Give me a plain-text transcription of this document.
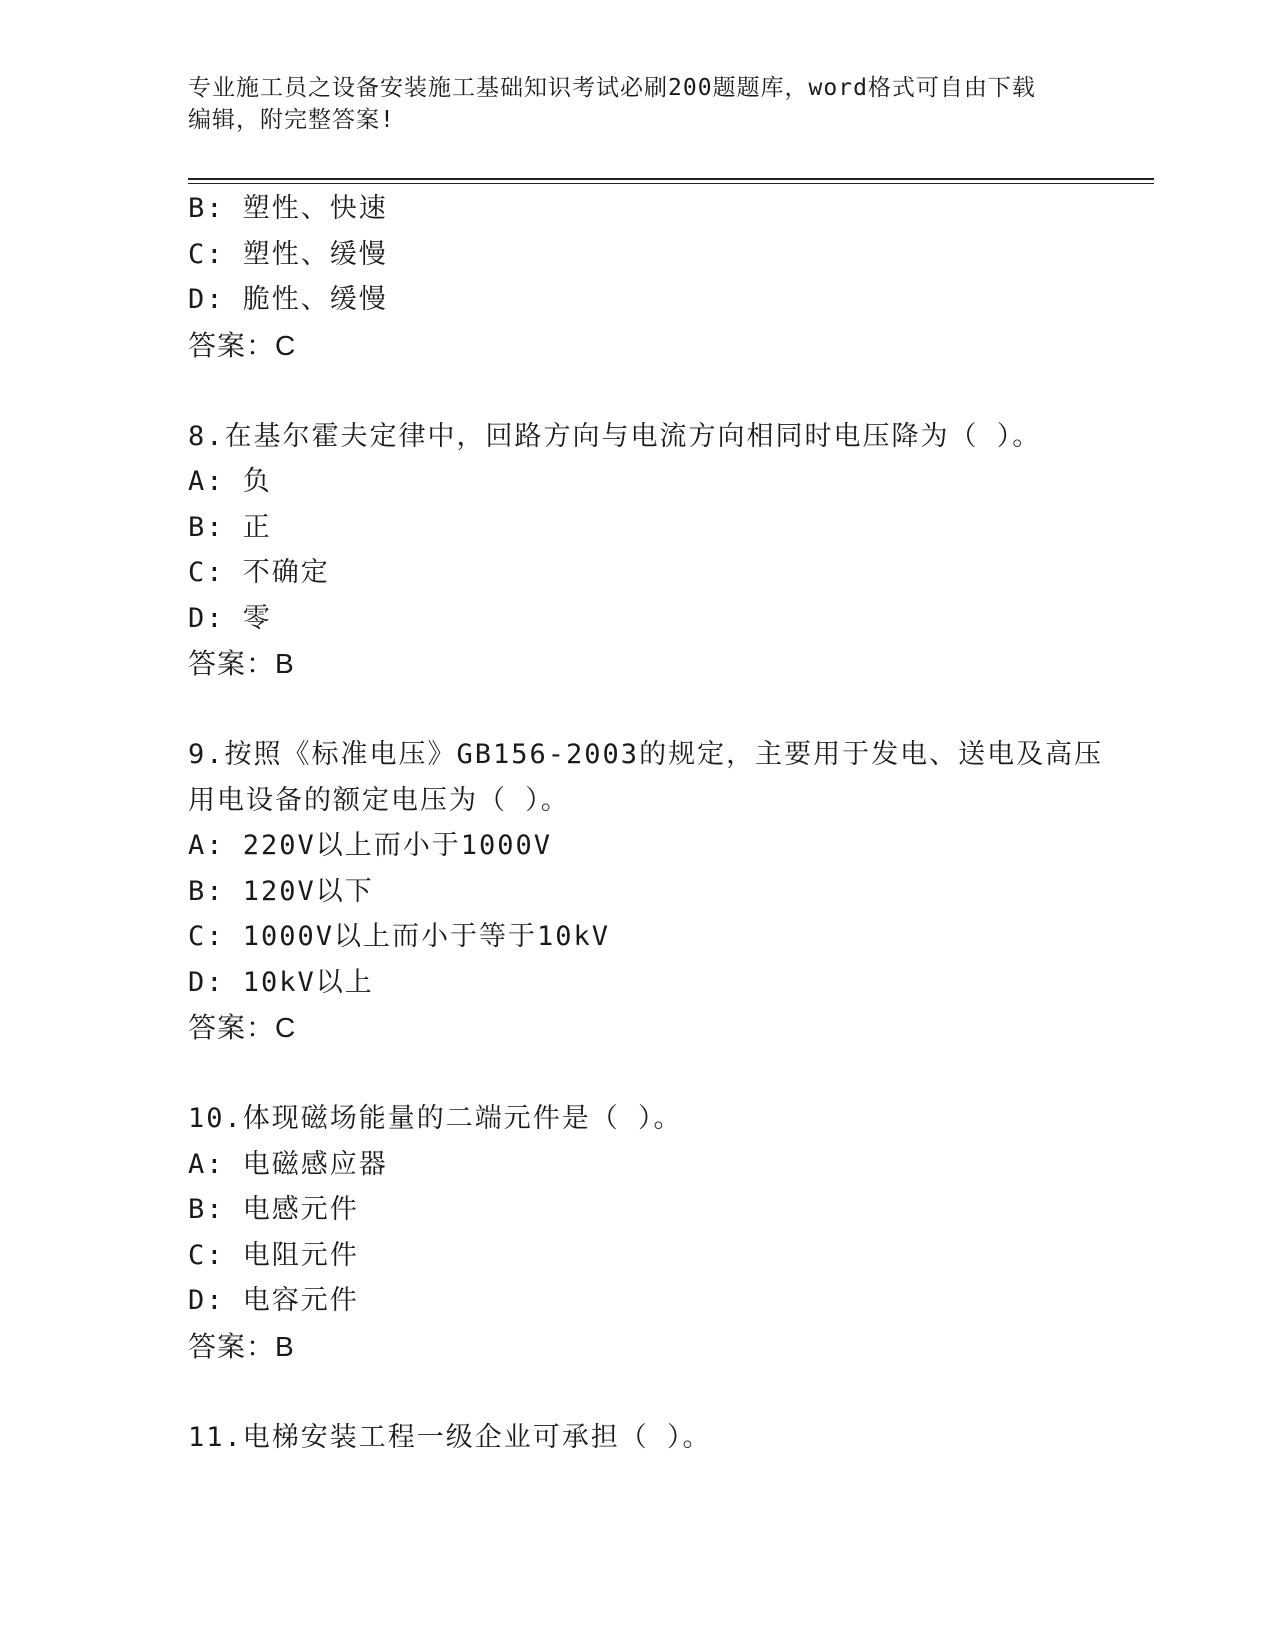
专业施工员之设备安装施工基础知识考试必刷200题题库，word格式可自由下载
编辑，附完整答案!
B: 塑性、快速
C: 塑性、缓慢
D: 脆性、缓慢
答案：C
8.在基尔霍夫定律中，回路方向与电流方向相同时电压降为（ ）。
A: 负
B: 正
C: 不确定
D: 零
答案：B
9.按照《标准电压》GB156-2003的规定，主要用于发电、送电及高压
用电设备的额定电压为（ ）。
A: 220V以上而小于1000V
B: 120V以下
C: 1000V以上而小于等于10kV
D: 10kV以上
答案：C
10.体现磁场能量的二端元件是（ ）。
A: 电磁感应器
B: 电感元件
C: 电阻元件
D: 电容元件
答案：B
11.电梯安装工程一级企业可承担（ ）。
